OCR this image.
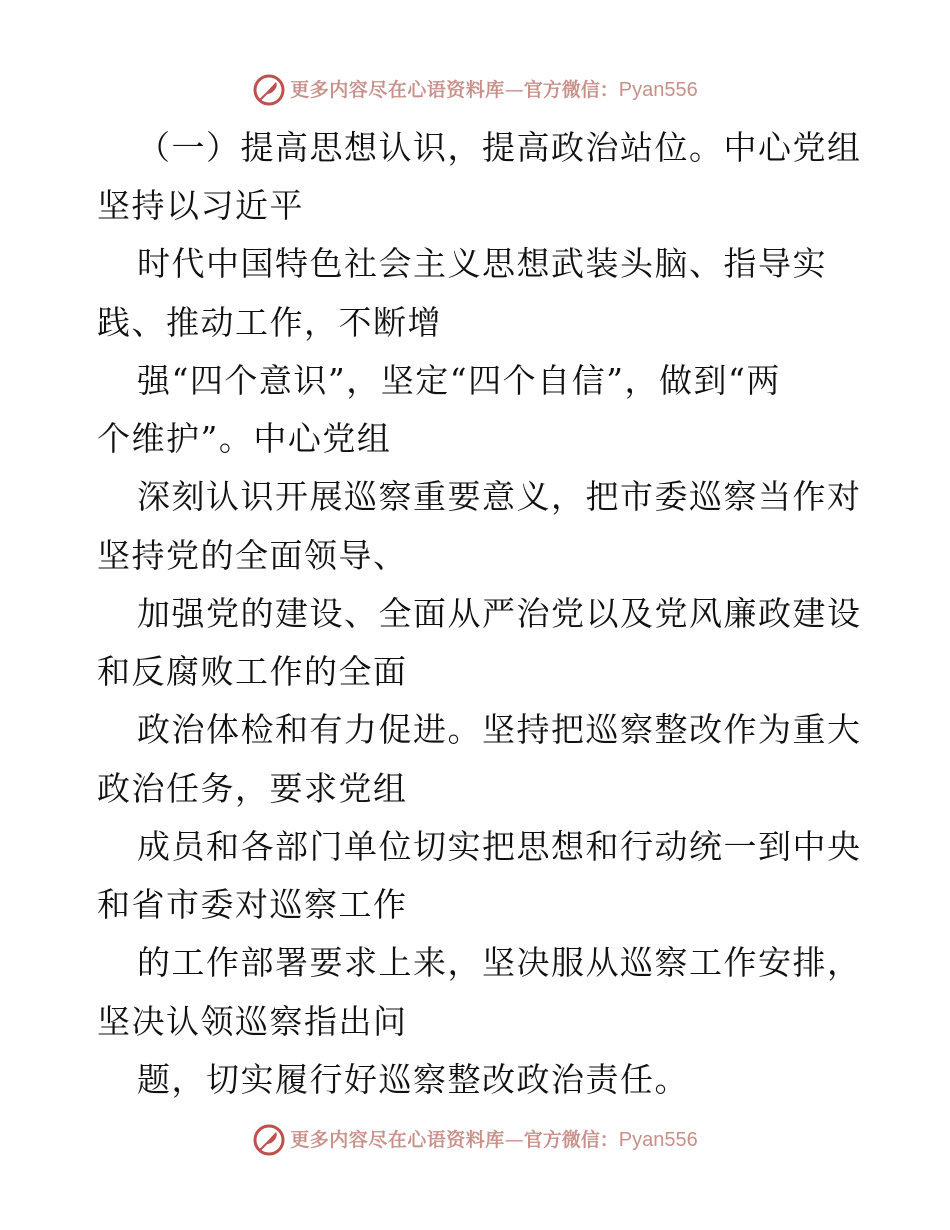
更多内容尽在心语资料库 — 官方微信： Pyan556
（一）提高思想认识，提高政治站位。中心党组
坚持以习近平
时代中国特色社会主义思想武装头脑、指导实
践、推动工作，不断增
强“四个意识”，坚定“四个自信”，做到“两
个维护”。中心党组
深刻认识开展巡察重要意义，把市委巡察当作对
坚持党的全面领导、
加强党的建设、全面从严治党以及党风廉政建设
和反腐败工作的全面
政治体检和有力促进。坚持把巡察整改作为重大
政治任务，要求党组
成员和各部门单位切实把思想和行动统一到中央
和省市委对巡察工作
的工作部署要求上来，坚决服从巡察工作安排，
坚决认领巡察指出问
题，切实履行好巡察整改政治责任。
更多内容尽在心语资料库 — 官方微信： Pyan556
